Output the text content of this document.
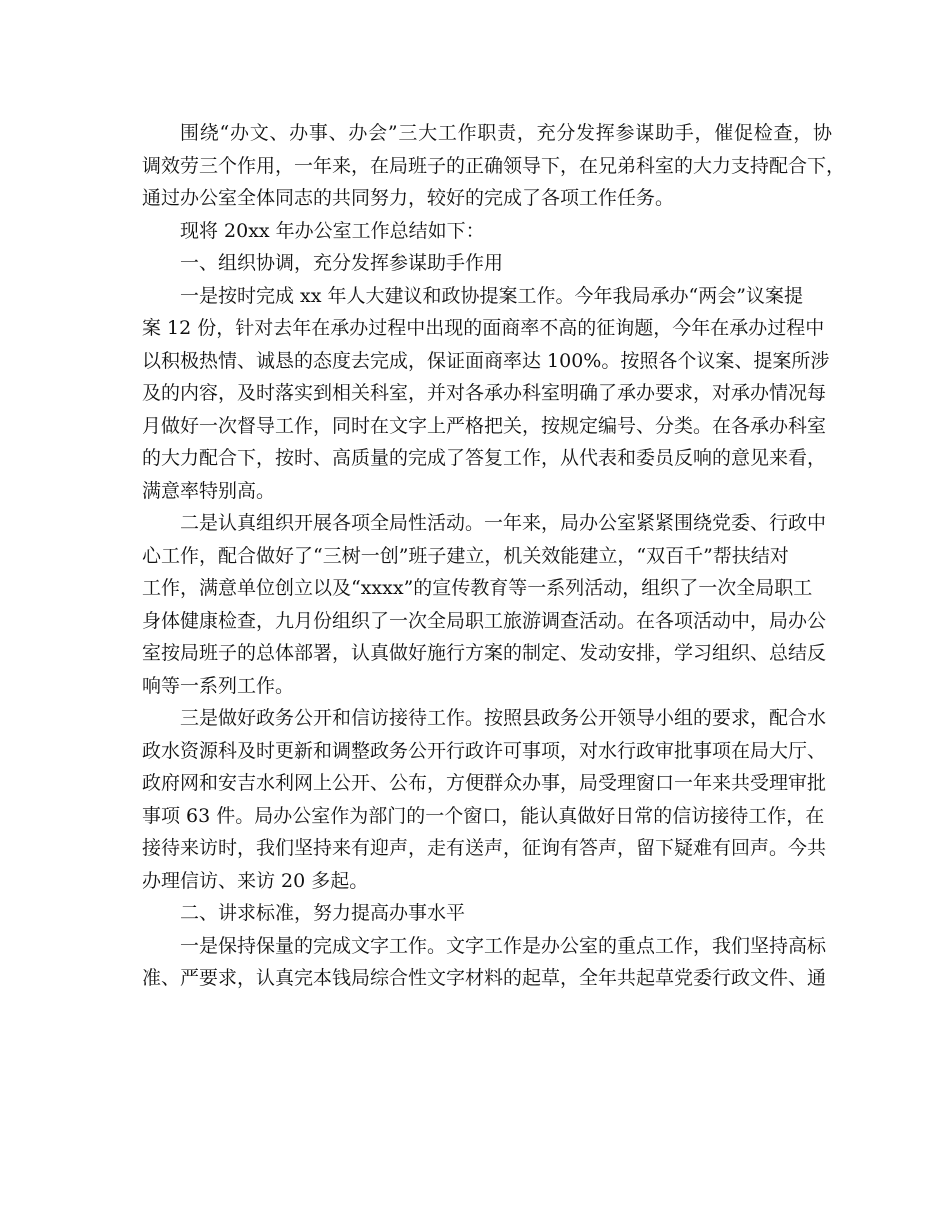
围绕“办文、办事、办会”三大工作职责，充分发挥参谋助手，催促检查，协
调效劳三个作用，一年来，在局班子的正确领导下，在兄弟科室的大力支持配合下，
通过办公室全体同志的共同努力，较好的完成了各项工作任务。
现将 20xx 年办公室工作总结如下：
一、组织协调，充分发挥参谋助手作用
一是按时完成 xx 年人大建议和政协提案工作。今年我局承办“两会”议案提
案 12 份，针对去年在承办过程中出现的面商率不高的征询题，今年在承办过程中
以积极热情、诚恳的态度去完成，保证面商率达 100%。按照各个议案、提案所涉
及的内容，及时落实到相关科室，并对各承办科室明确了承办要求，对承办情况每
月做好一次督导工作，同时在文字上严格把关，按规定编号、分类。在各承办科室
的大力配合下，按时、高质量的完成了答复工作，从代表和委员反响的意见来看，
满意率特别高。
二是认真组织开展各项全局性活动。一年来，局办公室紧紧围绕党委、行政中
心工作，配合做好了“三树一创”班子建立，机关效能建立，“双百千”帮扶结对
工作，满意单位创立以及“xxxx”的宣传教育等一系列活动，组织了一次全局职工
身体健康检查，九月份组织了一次全局职工旅游调查活动。在各项活动中，局办公
室按局班子的总体部署，认真做好施行方案的制定、发动安排，学习组织、总结反
响等一系列工作。
三是做好政务公开和信访接待工作。按照县政务公开领导小组的要求，配合水
政水资源科及时更新和调整政务公开行政许可事项，对水行政审批事项在局大厅、
政府网和安吉水利网上公开、公布，方便群众办事，局受理窗口一年来共受理审批
事项 63 件。局办公室作为部门的一个窗口，能认真做好日常的信访接待工作，在
接待来访时，我们坚持来有迎声，走有送声，征询有答声，留下疑难有回声。今共
办理信访、来访 20 多起。
二、讲求标准，努力提高办事水平
一是保持保量的完成文字工作。文字工作是办公室的重点工作，我们坚持高标
准、严要求，认真完本钱局综合性文字材料的起草，全年共起草党委行政文件、通
